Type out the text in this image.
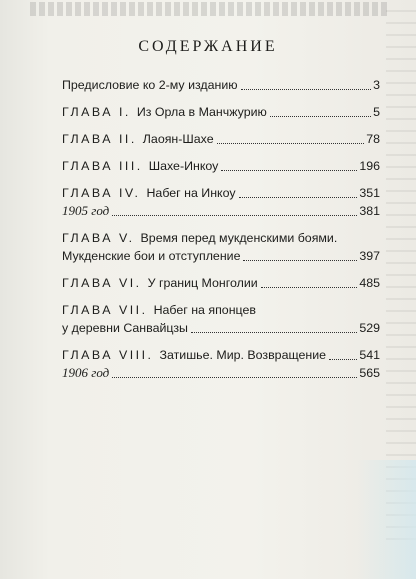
СОДЕРЖАНИЕ
Предисловие ко 2-му изданию	3
ГЛАВА I. Из Орла в Манчжурию	5
ГЛАВА II. Лаоян-Шахе	78
ГЛАВА III. Шахе-Инкоу	196
ГЛАВА IV. Набег на Инкоу	351
1905 год	381
ГЛАВА V. Время перед мукденскими боями.
Мукденские бои и отступление	397
ГЛАВА VI. У границ Монголии	485
ГЛАВА VII. Набег на японцев
у деревни Санвайцзы	529
ГЛАВА VIII. Затишье. Мир. Возвращение	541
1906 год	565
